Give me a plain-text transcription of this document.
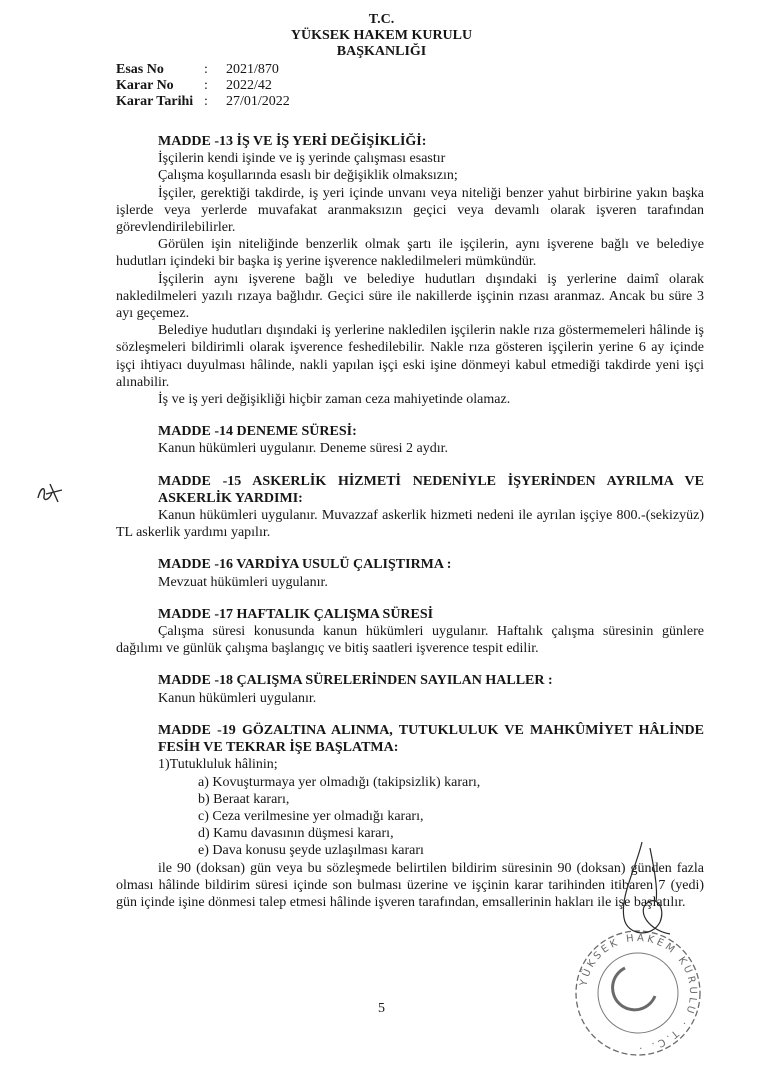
T.C.
YÜKSEK HAKEM KURULU
BAŞKANLIĞI
Esas No	: 2021/870
Karar No : 2022/42
Karar Tarihi : 27/01/2022
MADDE -13 İŞ VE İŞ YERİ DEĞİŞİKLİĞİ:
İşçilerin kendi işinde ve iş yerinde çalışması esastır
Çalışma koşullarında esaslı bir değişiklik olmaksızın;
İşçiler, gerektiği takdirde, iş yeri içinde unvanı veya niteliği benzer yahut birbirine yakın başka işlerde veya yerlerde muvafakat aranmaksızın geçici veya devamlı olarak işveren tarafından görevlendirilebilirler.
Görülen işin niteliğinde benzerlik olmak şartı ile işçilerin, aynı işverene bağlı ve belediye hudutları içindeki bir başka iş yerine işverence nakledilmeleri mümkündür.
İşçilerin aynı işverene bağlı ve belediye hudutları dışındaki iş yerlerine daimî olarak nakledilmeleri yazılı rızaya bağlıdır. Geçici süre ile nakillerde işçinin rızası aranmaz. Ancak bu süre 3 ayı geçemez.
Belediye hudutları dışındaki iş yerlerine nakledilen işçilerin nakle rıza göstermemeleri hâlinde iş sözleşmeleri bildirimli olarak işverence feshedilebilir. Nakle rıza gösteren işçilerin yerine 6 ay içinde işçi ihtiyacı duyulması hâlinde, nakli yapılan işçi eski işine dönmeyi kabul etmediği takdirde yeni işçi alınabilir.
İş ve iş yeri değişikliği hiçbir zaman ceza mahiyetinde olamaz.
MADDE -14 DENEME SÜRESİ:
Kanun hükümleri uygulanır. Deneme süresi 2 aydır.
MADDE -15 ASKERLİK HİZMETİ NEDENİYLE İŞYERİNDEN AYRILMA VE ASKERLİK YARDIMI:
Kanun hükümleri uygulanır. Muvazzaf askerlik hizmeti nedeni ile ayrılan işçiye 800.-(sekizyüz) TL askerlik yardımı yapılır.
MADDE -16 VARDİYA USULÜ ÇALIŞTIRMA :
Mevzuat hükümleri uygulanır.
MADDE -17 HAFTALIK ÇALIŞMA SÜRESİ
Çalışma süresi konusunda kanun hükümleri uygulanır. Haftalık çalışma süresinin günlere dağılımı ve günlük çalışma başlangıç ve bitiş saatleri işverence tespit edilir.
MADDE -18 ÇALIŞMA SÜRELERİNDEN SAYILAN HALLER :
Kanun hükümleri uygulanır.
MADDE -19 GÖZALTINA ALINMA, TUTUKLULUK VE MAHKÛMİYET HÂLİNDE FESİH VE TEKRAR İŞE BAŞLATMA:
1)Tutukluluk hâlinin;
a) Kovuşturmaya yer olmadığı (takipsizlik) kararı,
b) Beraat kararı,
c) Ceza verilmesine yer olmadığı kararı,
d) Kamu davasının düşmesi kararı,
e) Dava konusu şeyde uzlaşılması kararı
ile 90 (doksan) gün veya bu sözleşmede belirtilen bildirim süresinin 90 (doksan) günden fazla olması hâlinde bildirim süresi içinde son bulması üzerine ve işçinin karar tarihinden itibaren 7 (yedi) gün içinde işine dönmesi talep etmesi hâlinde işveren tarafından, emsallerinin hakları ile işe başlatılır.
5
YÜKSEK HAKEM KURULU · T.C. ·
